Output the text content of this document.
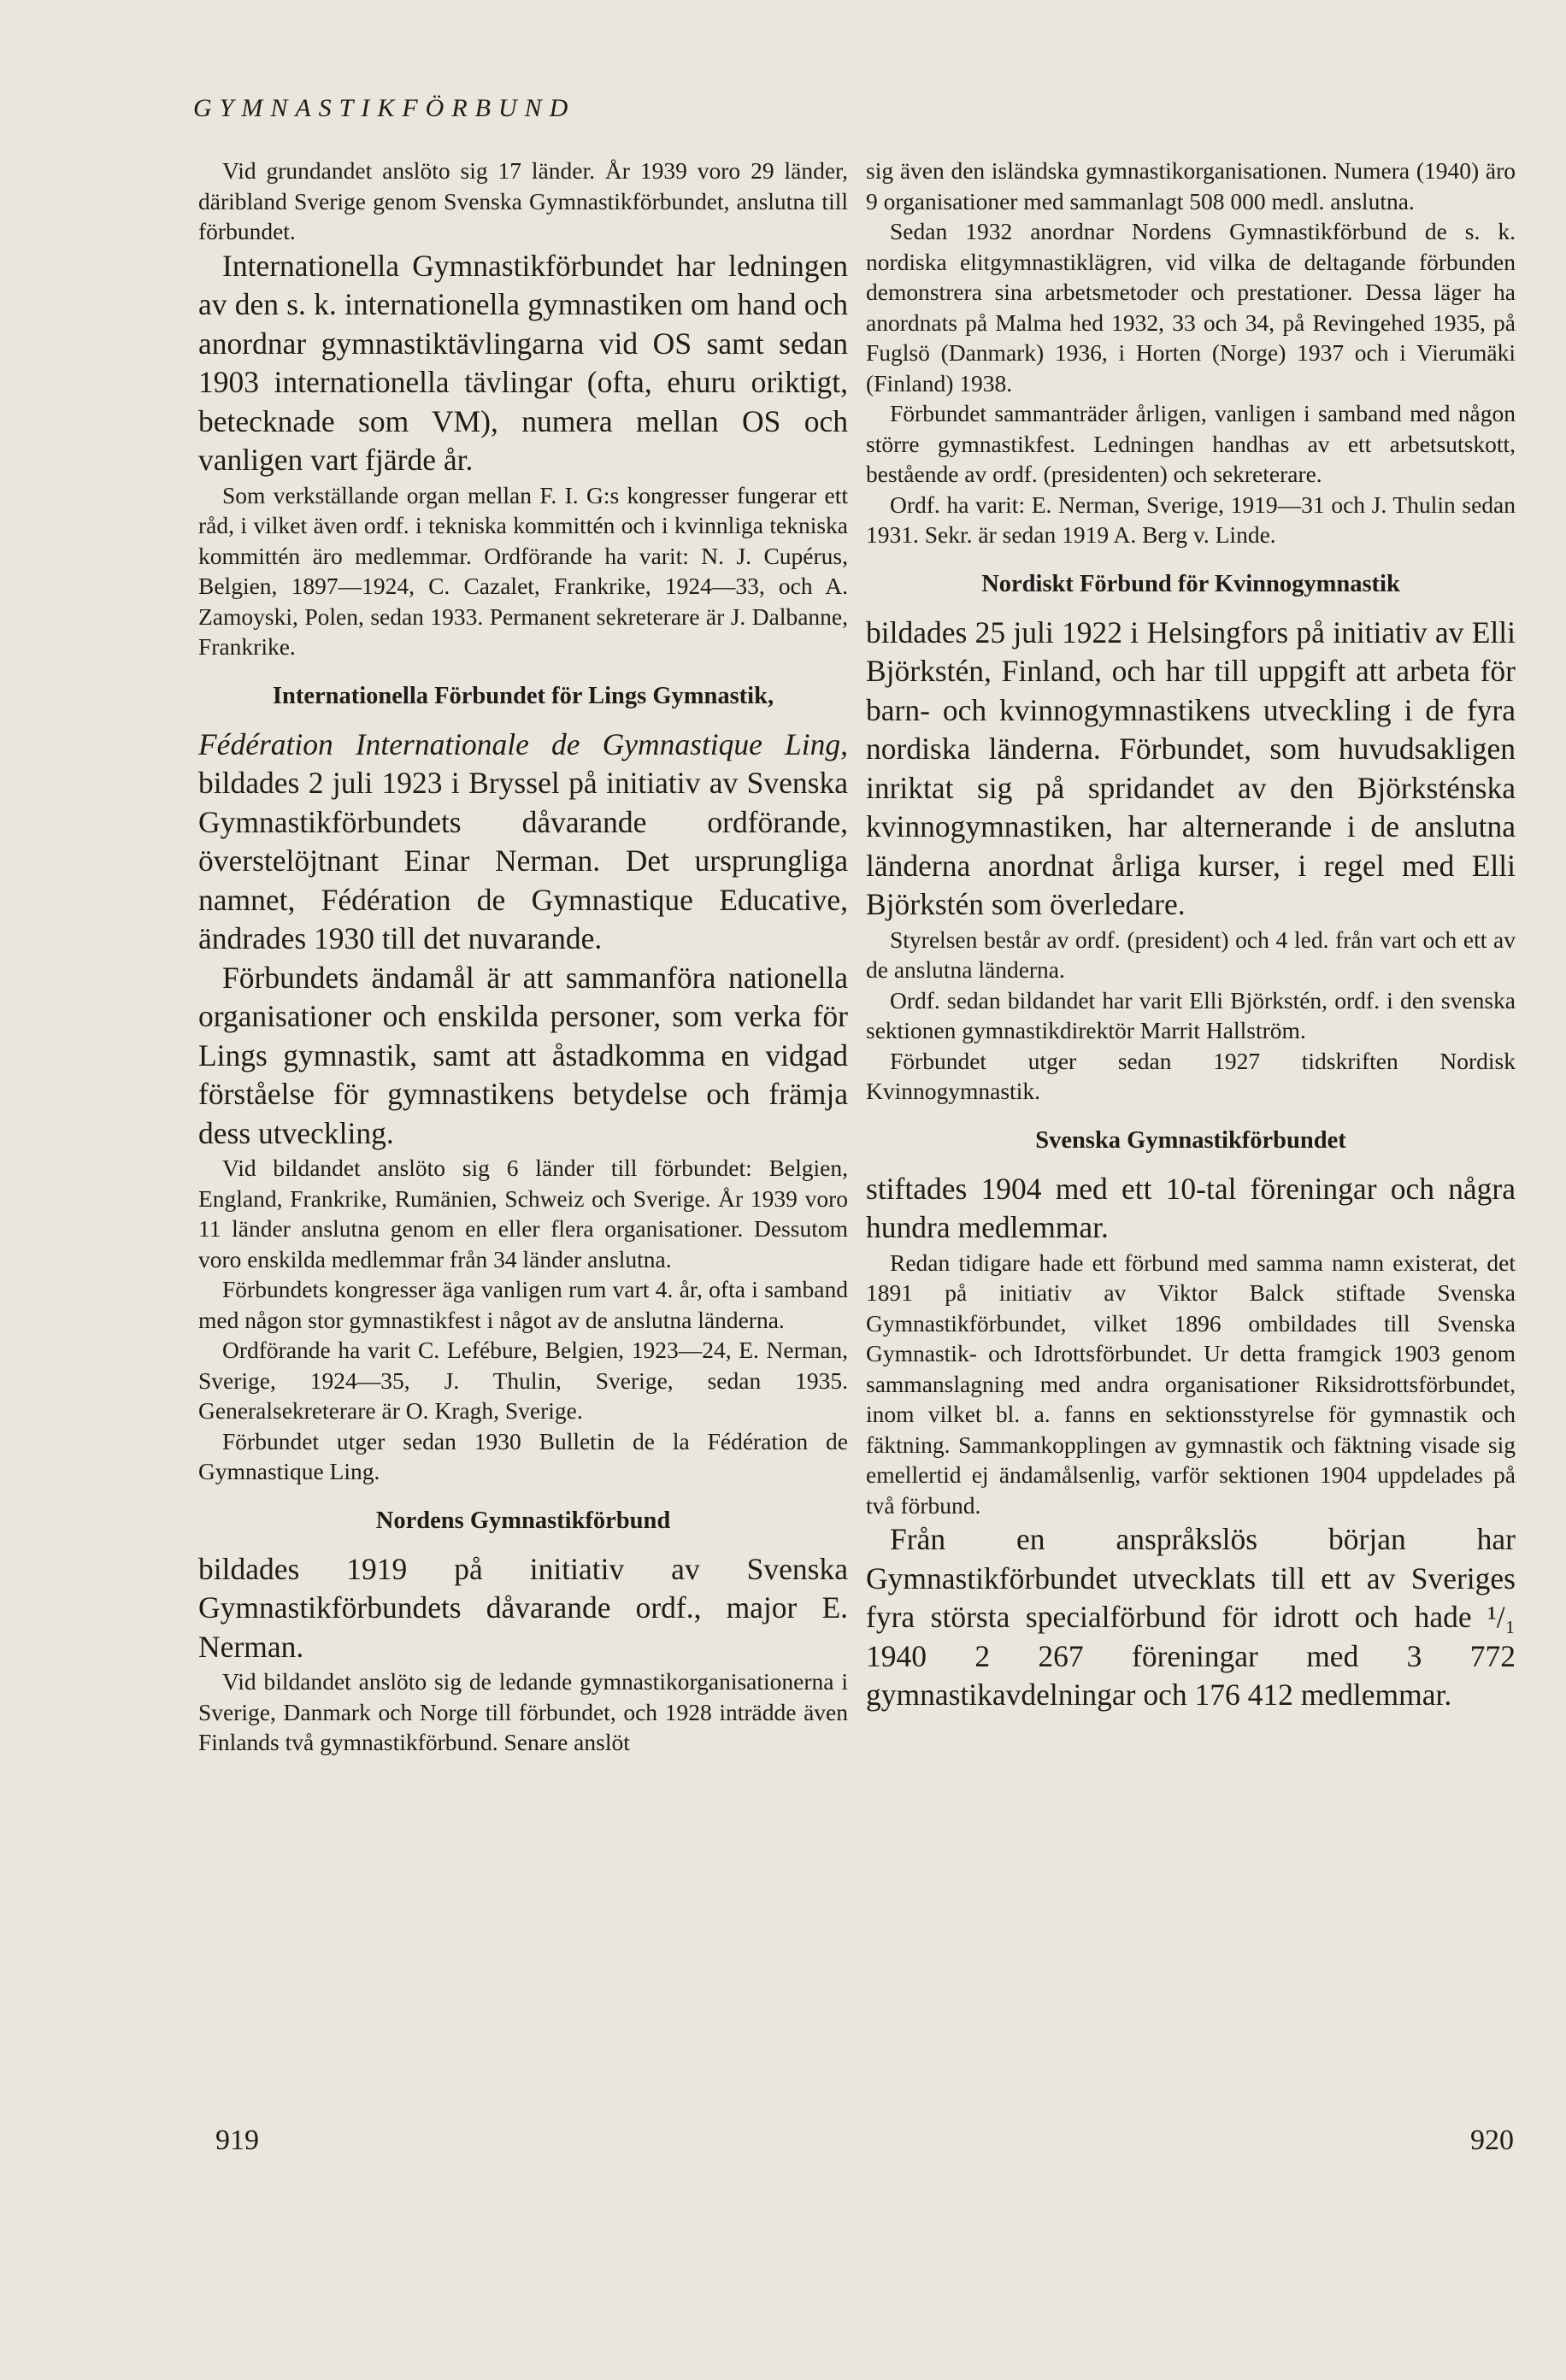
GYMNASTIKFÖRBUND

Vid grundandet anslöto sig 17 länder. År 1939 voro 29 länder, däribland Sverige genom Svenska Gymnastikförbundet, anslutna till förbundet.

Internationella Gymnastikförbundet har ledningen av den s. k. internationella gymnastiken om hand och anordnar gymnastiktävlingarna vid OS samt sedan 1903 internationella tävlingar (ofta, ehuru oriktigt, betecknade som VM), numera mellan OS och vanligen vart fjärde år.

Som verkställande organ mellan F. I. G:s kongresser fungerar ett råd, i vilket även ordf. i tekniska kommittén och i kvinnliga tekniska kommittén äro medlemmar. Ordförande ha varit: N. J. Cupérus, Belgien, 1897—1924, C. Cazalet, Frankrike, 1924—33, och A. Zamoyski, Polen, sedan 1933. Permanent sekreterare är J. Dalbanne, Frankrike.

Internationella Förbundet för Lings Gymnastik,

Fédération Internationale de Gymnastique Ling, bildades 2 juli 1923 i Bryssel på initiativ av Svenska Gymnastikförbundets dåvarande ordförande, överstelöjtnant Einar Nerman. Det ursprungliga namnet, Fédération de Gymnastique Educative, ändrades 1930 till det nuvarande.

Förbundets ändamål är att sammanföra nationella organisationer och enskilda personer, som verka för Lings gymnastik, samt att åstadkomma en vidgad förståelse för gymnastikens betydelse och främja dess utveckling.

Vid bildandet anslöto sig 6 länder till förbundet: Belgien, England, Frankrike, Rumänien, Schweiz och Sverige. År 1939 voro 11 länder anslutna genom en eller flera organisationer. Dessutom voro enskilda medlemmar från 34 länder anslutna.

Förbundets kongresser äga vanligen rum vart 4. år, ofta i samband med någon stor gymnastikfest i något av de anslutna länderna.

Ordförande ha varit C. Lefébure, Belgien, 1923—24, E. Nerman, Sverige, 1924—35, J. Thulin, Sverige, sedan 1935. Generalsekreterare är O. Kragh, Sverige.

Förbundet utger sedan 1930 Bulletin de la Fédération de Gymnastique Ling.

Nordens Gymnastikförbund

bildades 1919 på initiativ av Svenska Gymnastikförbundets dåvarande ordf., major E. Nerman.

Vid bildandet anslöto sig de ledande gymnastikorganisationerna i Sverige, Danmark och Norge till förbundet, och 1928 inträdde även Finlands två gymnastikförbund. Senare anslöt

sig även den isländska gymnastikorganisationen. Numera (1940) äro 9 organisationer med sammanlagt 508 000 medl. anslutna.

Sedan 1932 anordnar Nordens Gymnastikförbund de s. k. nordiska elitgymnastiklägren, vid vilka de deltagande förbunden demonstrera sina arbetsmetoder och prestationer. Dessa läger ha anordnats på Malma hed 1932, 33 och 34, på Revingehed 1935, på Fuglsö (Danmark) 1936, i Horten (Norge) 1937 och i Vierumäki (Finland) 1938.

Förbundet sammanträder årligen, vanligen i samband med någon större gymnastikfest. Ledningen handhas av ett arbetsutskott, bestående av ordf. (presidenten) och sekreterare.

Ordf. ha varit: E. Nerman, Sverige, 1919—31 och J. Thulin sedan 1931. Sekr. är sedan 1919 A. Berg v. Linde.

Nordiskt Förbund för Kvinnogymnastik

bildades 25 juli 1922 i Helsingfors på initiativ av Elli Björkstén, Finland, och har till uppgift att arbeta för barn- och kvinnogymnastikens utveckling i de fyra nordiska länderna. Förbundet, som huvudsakligen inriktat sig på spridandet av den Björksténska kvinnogymnastiken, har alternerande i de anslutna länderna anordnat årliga kurser, i regel med Elli Björkstén som överledare.

Styrelsen består av ordf. (president) och 4 led. från vart och ett av de anslutna länderna.

Ordf. sedan bildandet har varit Elli Björkstén, ordf. i den svenska sektionen gymnastikdirektör Marrit Hallström.

Förbundet utger sedan 1927 tidskriften Nordisk Kvinnogymnastik.

Svenska Gymnastikförbundet

stiftades 1904 med ett 10-tal föreningar och några hundra medlemmar.

Redan tidigare hade ett förbund med samma namn existerat, det 1891 på initiativ av Viktor Balck stiftade Svenska Gymnastikförbundet, vilket 1896 ombildades till Svenska Gymnastik- och Idrottsförbundet. Ur detta framgick 1903 genom sammanslagning med andra organisationer Riksidrottsförbundet, inom vilket bl. a. fanns en sektionsstyrelse för gymnastik och fäktning. Sammankopplingen av gymnastik och fäktning visade sig emellertid ej ändamålsenlig, varför sektionen 1904 uppdelades på två förbund.

Från en anspråkslös början har Gymnastikförbundet utvecklats till ett av Sveriges fyra största specialförbund för idrott och hade ¹/₁ 1940 2 267 föreningar med 3 772 gymnastikavdelningar och 176 412 medlemmar.

919	920
